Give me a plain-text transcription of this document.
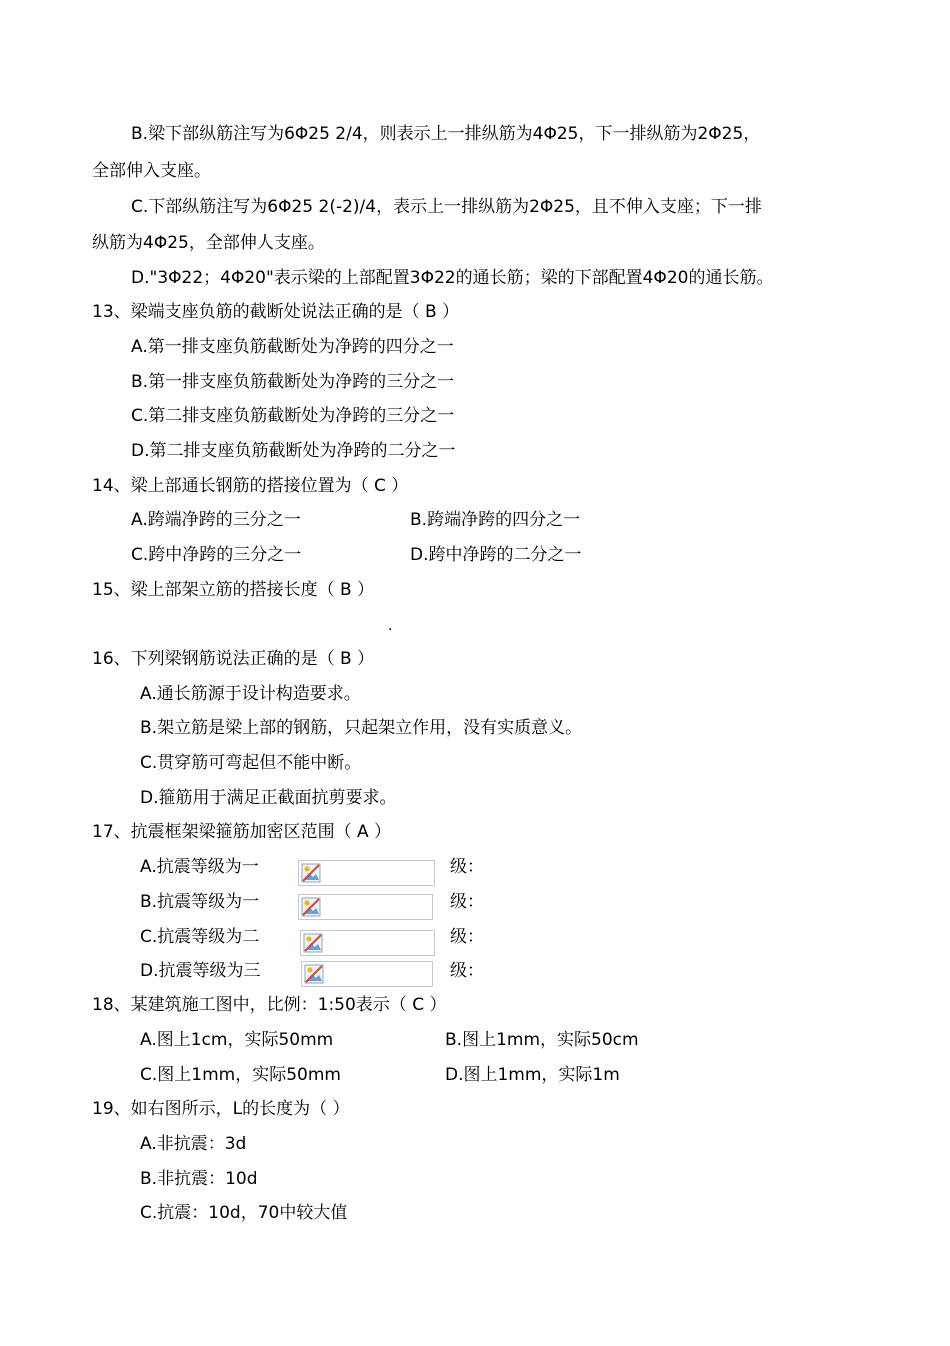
B.梁下部纵筋注写为6Φ25 2/4，则表示上一排纵筋为4Φ25，下一排纵筋为2Φ25，
全部伸入支座。
C.下部纵筋注写为6Φ25 2(-2)/4，表示上一排纵筋为2Φ25，且不伸入支座；下一排
纵筋为4Φ25，全部伸人支座。
D."3Φ22；4Φ20"表示梁的上部配置3Φ22的通长筋；梁的下部配置4Φ20的通长筋。
13、梁端支座负筋的截断处说法正确的是（ B ）
A.第一排支座负筋截断处为净跨的四分之一
B.第一排支座负筋截断处为净跨的三分之一
C.第二排支座负筋截断处为净跨的三分之一
D.第二排支座负筋截断处为净跨的二分之一
14、梁上部通长钢筋的搭接位置为（ C ）
A.跨端净跨的三分之一	B.跨端净跨的四分之一
C.跨中净跨的三分之一	D.跨中净跨的二分之一
15、梁上部架立筋的搭接长度（ B ）
.
16、下列梁钢筋说法正确的是（ B ）
A.通长筋源于设计构造要求。
B.架立筋是梁上部的钢筋，只起架立作用，没有实质意义。
C.贯穿筋可弯起但不能中断。
D.箍筋用于满足正截面抗剪要求。
17、抗震框架梁箍筋加密区范围（ A ）
A.抗震等级为一	级：
B.抗震等级为一	级：
C.抗震等级为二	级：
D.抗震等级为三	级：
18、某建筑施工图中，比例：1:50表示（ C ）
A.图上1cm，实际50mm	B.图上1mm，实际50cm
C.图上1mm，实际50mm	D.图上1mm，实际1m
19、如右图所示，L的长度为（ ）
A.非抗震：3d
B.非抗震：10d
C.抗震：10d，70中较大值
